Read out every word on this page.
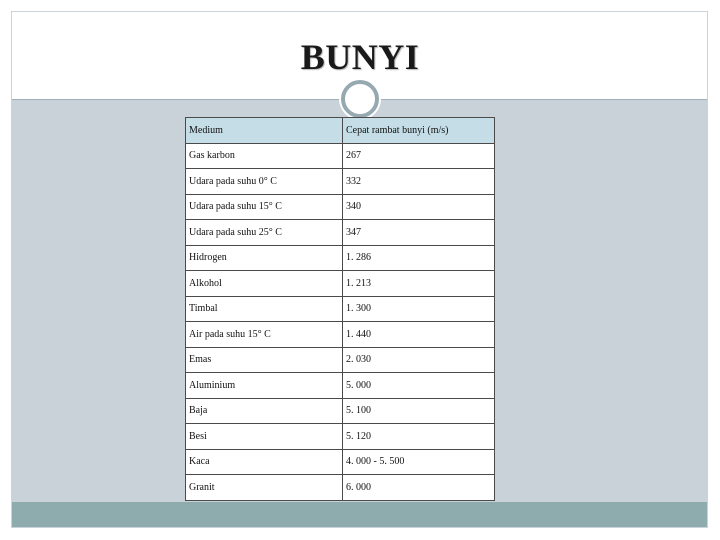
BUNYI
Medium	Cepat rambat bunyi (m/s)
Gas karbon	267
Udara pada suhu 0° C	332
Udara pada suhu 15° C	340
Udara pada suhu 25° C	347
Hidrogen	1. 286
Alkohol	1. 213
Timbal	1. 300
Air pada suhu 15° C	1. 440
Emas	2. 030
Aluminium	5. 000
Baja	5. 100
Besi	5. 120
Kaca	4. 000 - 5. 500
Granit	6. 000
